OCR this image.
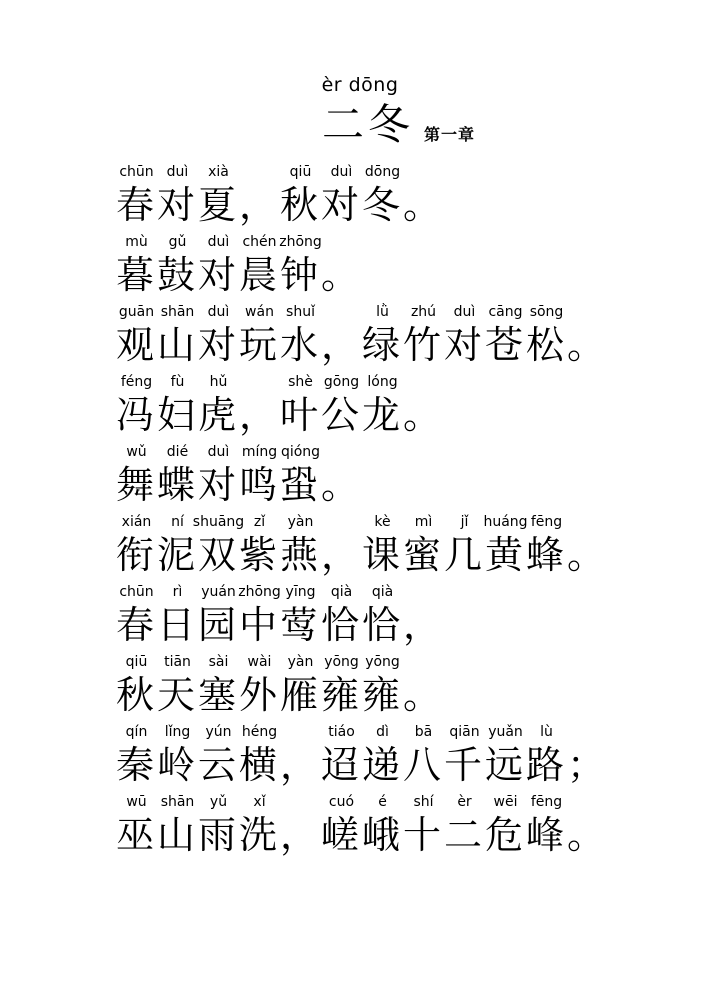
èr dōng
二冬 第一章
chūn duì	xià	qiū	duì dōng
春对夏，秋对冬。
mù	gǔ	duì chén zhōng
暮鼓对晨钟。
guān shān duì	wán shuǐ	lǜ	zhú	duì cāng sōng
观山对玩水，绿竹对苍松。
féng	fù	hǔ	shè gōng lóng
冯妇虎，叶公龙。
wǔ	dié	duì míng qióng
舞蝶对鸣蛩。
xián	ní shuāng zǐ	yàn	kè	mì	jǐ	huáng fēng
衔泥双紫燕，课蜜几黄蜂。
chūn	rì	yuán zhōng yīng	qià	qià
春日园中莺恰恰，
qiū	tiān	sài	wài	yàn yōng yōng
秋天塞外雁雍雍。
qín	lǐng	yún héng	tiáo	dì	bā	qiān yuǎn	lù
秦岭云横，迢递八千远路；
wū	shān	yǔ	xǐ	cuó	é	shí	èr	wēi fēng
巫山雨洗，嵯峨十二危峰。
